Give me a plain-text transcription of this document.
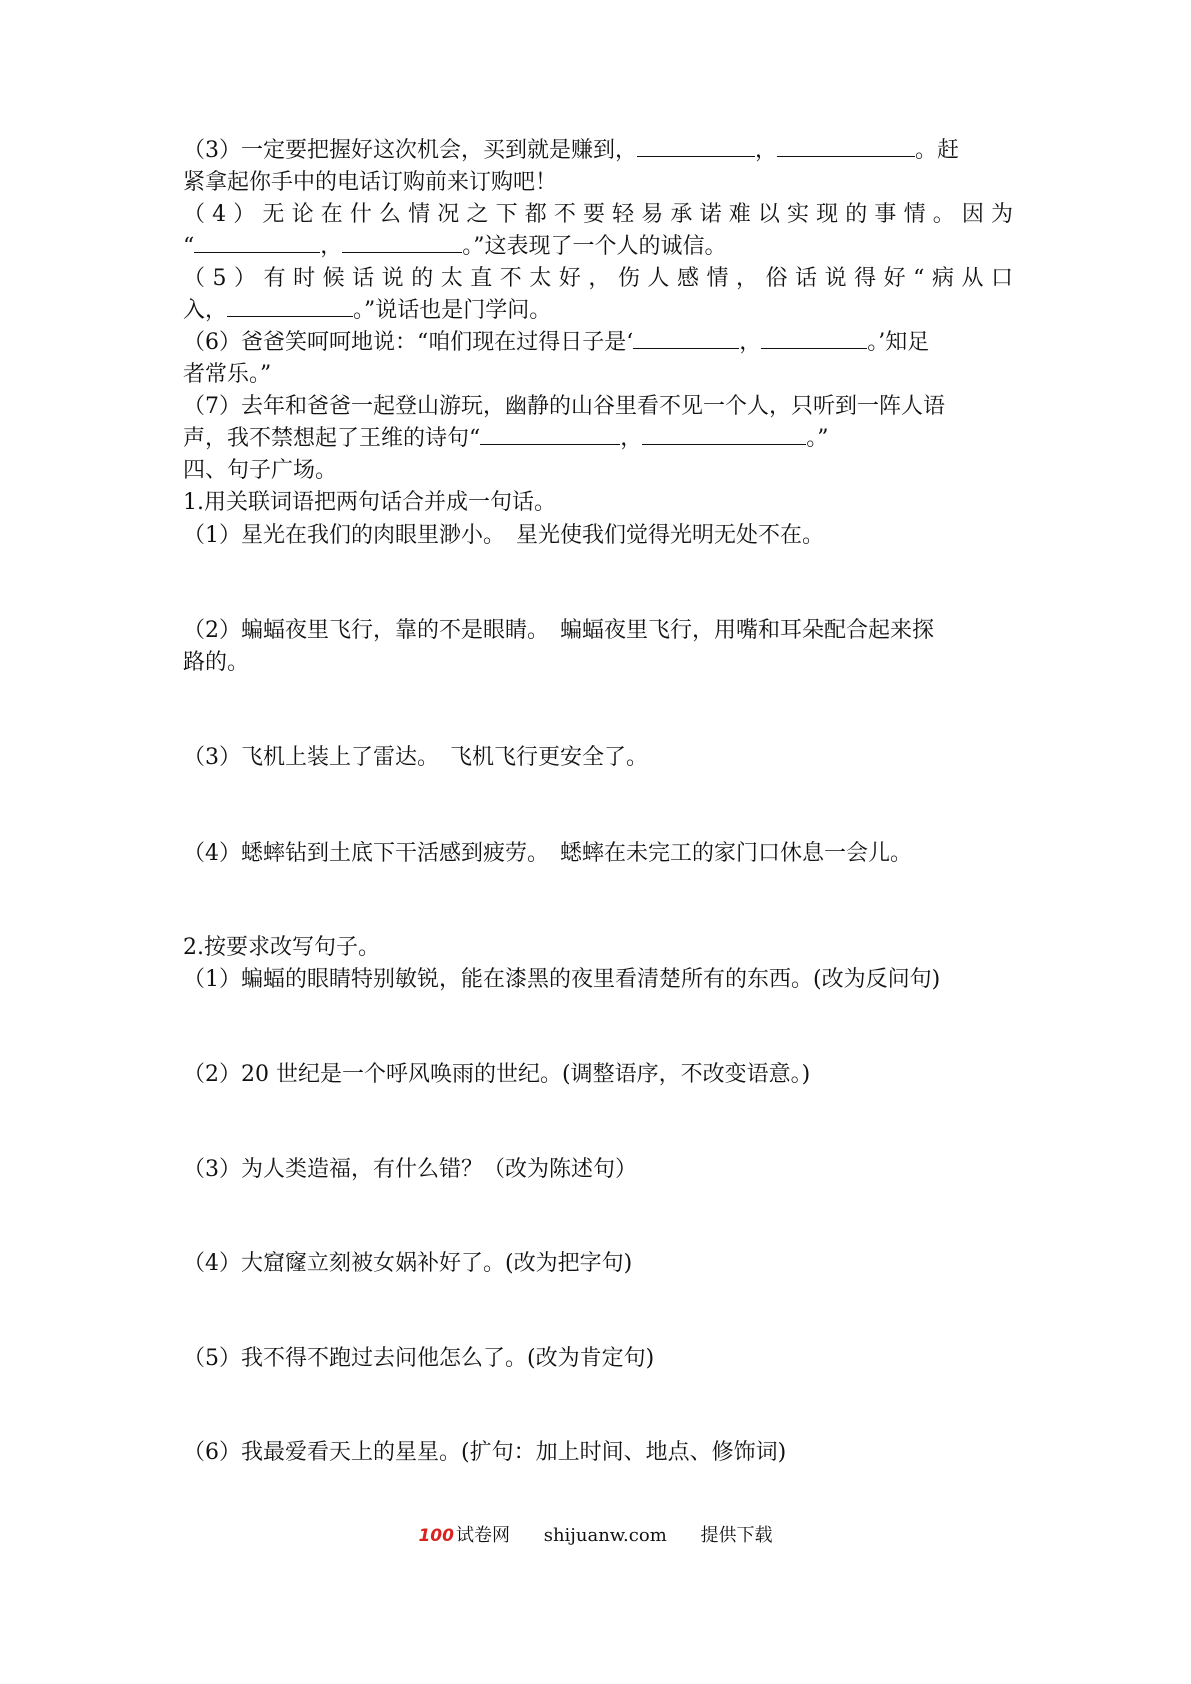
（3）一定要把握好这次机会，买到就是赚到，	，	。赶
紧拿起你手中的电话订购前来订购吧！
（4）无论在什么情况之下都不要轻易承诺难以实现的事情。因为
“	，	。”这表现了一个人的诚信。
（5）有时候话说的太直不太好，伤人感情，俗话说得好“病从口
入，	。”说话也是门学问。
（6）爸爸笑呵呵地说：“咱们现在过得日子是‘	，	。’知足
者常乐。”
（7）去年和爸爸一起登山游玩，幽静的山谷里看不见一个人，只听到一阵人语
声，我不禁想起了王维的诗句“	，	。”
四、句子广场。
1.用关联词语把两句话合并成一句话。
（1）星光在我们的肉眼里渺小。　星光使我们觉得光明无处不在。
（2）蝙蝠夜里飞行，靠的不是眼睛。　蝙蝠夜里飞行，用嘴和耳朵配合起来探
路的。
（3）飞机上装上了雷达。　飞机飞行更安全了。
（4）蟋蟀钻到土底下干活感到疲劳。　蟋蟀在未完工的家门口休息一会儿。
2.按要求改写句子。
（1）蝙蝠的眼睛特别敏锐，能在漆黑的夜里看清楚所有的东西。(改为反问句)
（2）20 世纪是一个呼风唤雨的世纪。(调整语序，不改变语意。)
（3）为人类造福，有什么错？（改为陈述句）
（4）大窟窿立刻被女娲补好了。(改为把字句)
（5）我不得不跑过去问他怎么了。(改为肯定句)
（6）我最爱看天上的星星。(扩句：加上时间、地点、修饰词)
100 试卷网 shijuanw.com 提供下载
